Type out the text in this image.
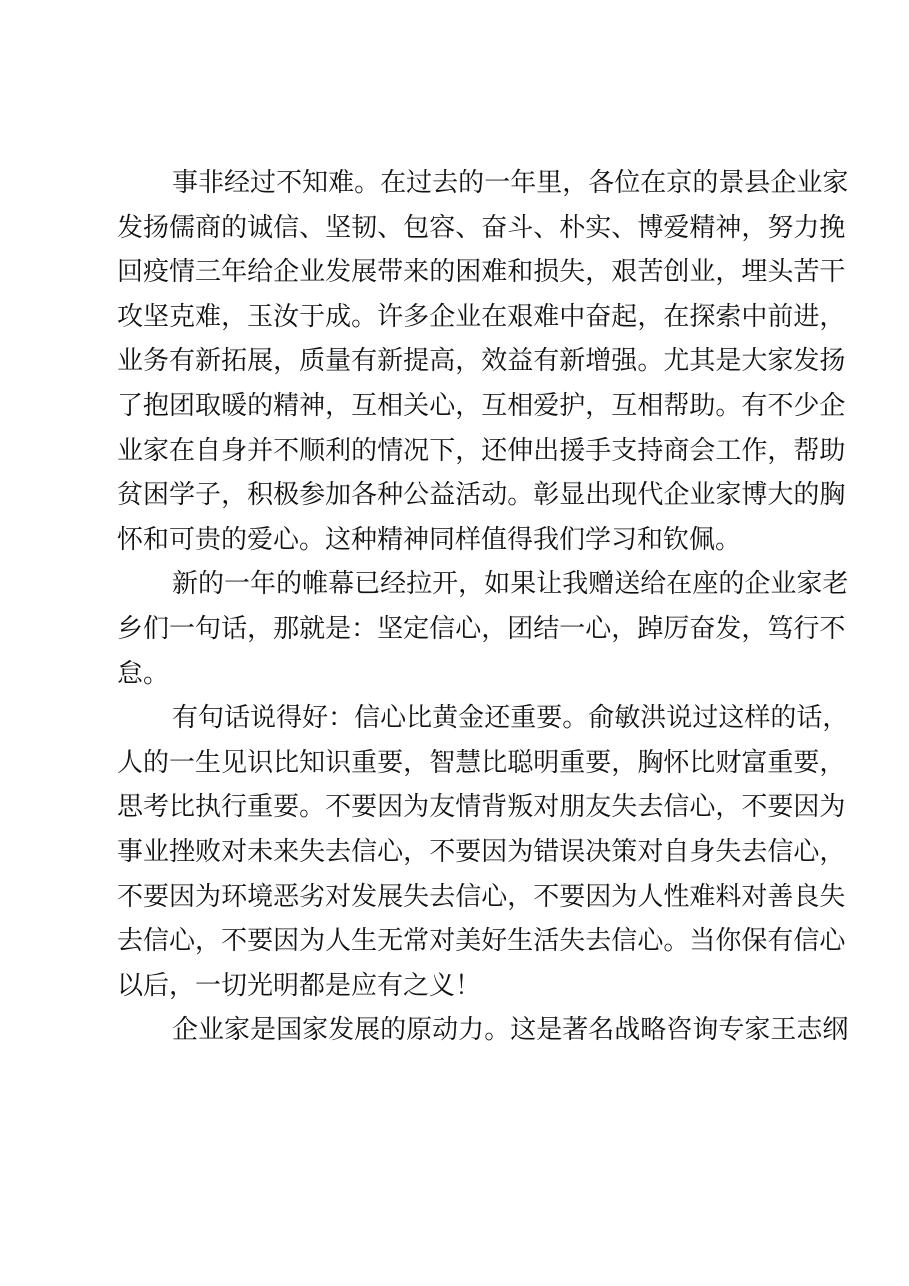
事 非 经 过 不 知 难 。 在 过 去 的 一 年 里 ， 各 位 在 京 的 景 县 企 业 家
发 扬 儒 商 的 诚 信 、 坚 韧 、 包 容 、 奋 斗 、 朴 实 、 博 爱 精 神 ， 努 力 挽
回 疫 情 三 年 给 企 业 发 展 带 来 的 困 难 和 损 失 ， 艰 苦 创 业 ， 埋 头 苦 干
攻 坚 克 难 ， 玉 汝 于 成 。 许 多 企 业 在 艰 难 中 奋 起 ， 在 探 索 中 前 进 ，
业 务 有 新 拓 展 ， 质 量 有 新 提 高 ， 效 益 有 新 增 强 。 尤 其 是 大 家 发 扬
了 抱 团 取 暖 的 精 神 ， 互 相 关 心 ， 互 相 爱 护 ， 互 相 帮 助 。 有 不 少 企
业 家 在 自 身 并 不 顺 利 的 情 况 下 ， 还 伸 出 援 手 支 持 商 会 工 作 ， 帮 助
贫 困 学 子 ， 积 极 参 加 各 种 公 益 活 动 。 彰 显 出 现 代 企 业 家 博 大 的 胸
怀和可贵的爱心。这种精神同样值得我们学习和钦佩。
新 的 一 年 的 帷 幕 已 经 拉 开 ， 如 果 让 我 赠 送 给 在 座 的 企 业 家 老
乡 们 一 句 话 ， 那 就 是 ： 坚 定 信 心 ， 团 结 一 心 ， 踔 厉 奋 发 ， 笃 行 不
怠。
有 句 话 说 得 好 ： 信 心 比 黄 金 还 重 要 。 俞 敏 洪 说 过 这 样 的 话 ，
人 的 一 生 见 识 比 知 识 重 要 ， 智 慧 比 聪 明 重 要 ， 胸 怀 比 财 富 重 要 ，
思 考 比 执 行 重 要 。 不 要 因 为 友 情 背 叛 对 朋 友 失 去 信 心 ， 不 要 因 为
事 业 挫 败 对 未 来 失 去 信 心 ， 不 要 因 为 错 误 决 策 对 自 身 失 去 信 心 ，
不 要 因 为 环 境 恶 劣 对 发 展 失 去 信 心 ， 不 要 因 为 人 性 难 料 对 善 良 失
去 信 心 ， 不 要 因 为 人 生 无 常 对 美 好 生 活 失 去 信 心 。 当 你 保 有 信 心
以后，一切光明都是应有之义！
企 业 家 是 国 家 发 展 的 原 动 力 。 这 是 著 名 战 略 咨 询 专 家 王 志 纲
